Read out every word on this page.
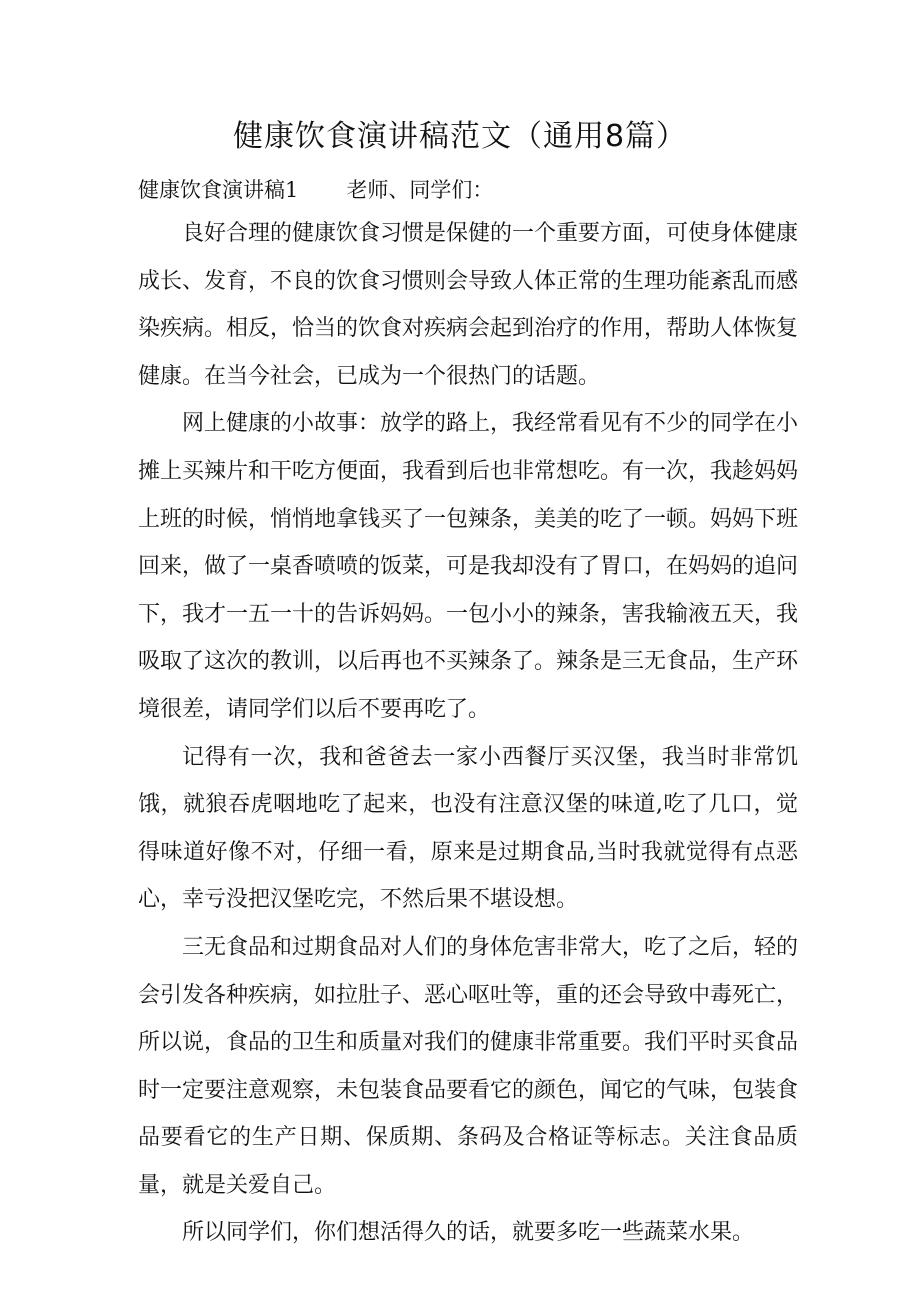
健康饮食演讲稿范文（通用8篇）
健康饮食演讲稿1 老师、同学们：

良好合理的健康饮食习惯是保健的一个重要方面，可使身体健康成长、发育，不良的饮食习惯则会导致人体正常的生理功能紊乱而感染疾病。相反，恰当的饮食对疾病会起到治疗的作用，帮助人体恢复健康。在当今社会，已成为一个很热门的话题。

网上健康的小故事：放学的路上，我经常看见有不少的同学在小摊上买辣片和干吃方便面，我看到后也非常想吃。有一次，我趁妈妈上班的时候，悄悄地拿钱买了一包辣条，美美的吃了一顿。妈妈下班回来，做了一桌香喷喷的饭菜，可是我却没有了胃口，在妈妈的追问下，我才一五一十的告诉妈妈。一包小小的辣条，害我输液五天，我吸取了这次的教训，以后再也不买辣条了。辣条是三无食品，生产环境很差，请同学们以后不要再吃了。

记得有一次，我和爸爸去一家小西餐厅买汉堡，我当时非常饥饿，就狼吞虎咽地吃了起来，也没有注意汉堡的味道,吃了几口，觉得味道好像不对，仔细一看，原来是过期食品,当时我就觉得有点恶心，幸亏没把汉堡吃完，不然后果不堪设想。

三无食品和过期食品对人们的身体危害非常大，吃了之后，轻的会引发各种疾病，如拉肚子、恶心呕吐等，重的还会导致中毒死亡，所以说，食品的卫生和质量对我们的健康非常重要。我们平时买食品时一定要注意观察，未包装食品要看它的颜色，闻它的气味，包装食品要看它的生产日期、保质期、条码及合格证等标志。关注食品质量，就是关爱自己。

所以同学们，你们想活得久的话，就要多吃一些蔬菜水果。
